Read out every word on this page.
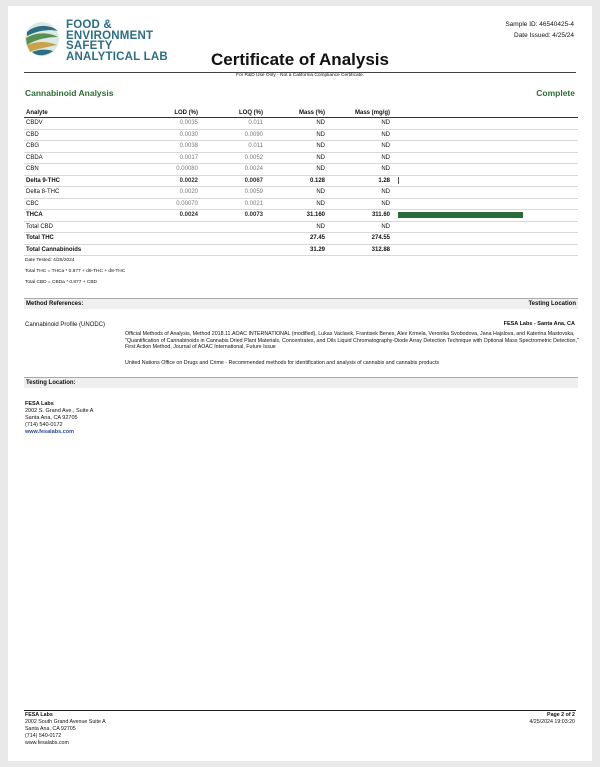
FOOD &
ENVIRONMENT
SAFETY
ANALYTICAL LAB
Sample ID: 46540425-4
Date Issued: 4/25/24
Certificate of Analysis
For R&D Use Only - Not a California Compliance Certificate.
Cannabinoid Analysis	Complete
Analyte	LOD (%)	LOQ (%)	Mass (%)	Mass (mg/g)	
CBDV	0.0035	0.011	ND	ND	
CBD	0.0030	0.0090	ND	ND	
CBG	0.0038	0.011	ND	ND	
CBDA	0.0017	0.0052	ND	ND	
CBN	0.00080	0.0024	ND	ND	
Delta 9-THC	0.0022	0.0067	0.128	1.28	

Delta 8-THC	0.0020	0.0059	ND	ND	
CBC	0.00070	0.0021	ND	ND	
THCA	0.0024	0.0073	31.160	311.60	

Total CBD			ND	ND	
Total THC			27.45	274.55	
Total Cannabinoids			31.29	312.88	
Date Tested: 4/25/2024
Total THC = THCa * 0.877 + d9-THC + d8-THC
Total CBD = CBDa * 0.877 + CBD
Method References:	Testing Location
Cannabinoid Profile (UNODC)	FESA Labs - Santa Ana, CA
Official Methods of Analysis, Method 2018.11.AOAC INTERNATIONAL (modified), Lukas Vaclavik, Frantisek Benes, Alex Krmela, Veronika Svobodova, Jana Hajslova, and Katerina Mastovska, "Quantification of Cannabinoids in Cannabis Dried Plant Materials, Concentrates, and Oils Liquid Chromatography-Diode Array Detection Technique with Optional Mass Spectrometric Detection," First Action Method, Journal of AOAC International, Future Issue
United Nations Office on Drugs and Crime - Recommended methods for identification and analysis of cannabis and cannabis products
Testing Location:
FESA Labs
2002 S. Grand Ave., Suite A
Santa Ana, CA 92705
(714) 540-0172
www.fesalabs.com
FESA Labs
2002 South Grand Avenue Suite A
Santa Ana, CA 92705
(714) 540-0172
www.fesalabs.com
Page 2 of 2
4/25/2024 19:03:20
